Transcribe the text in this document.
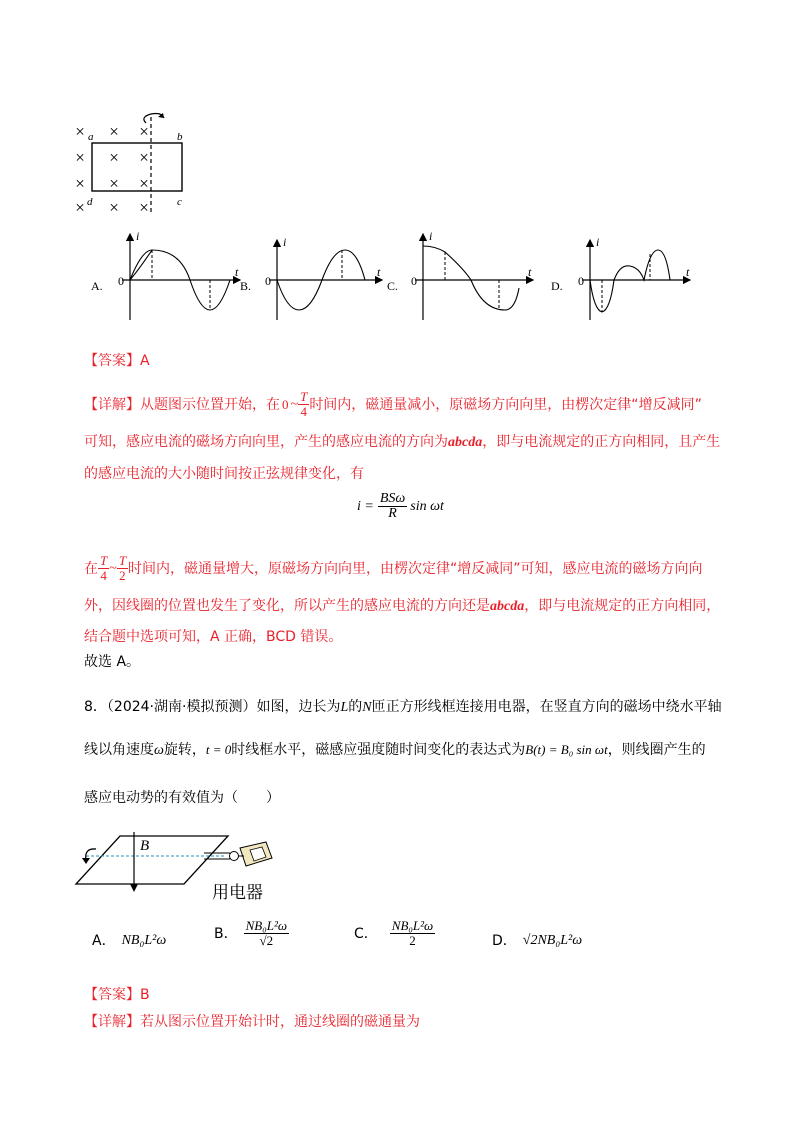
× × ×
× × ×
× × ×
× × ×
a	b
c
d
A.	B.	C.	D.
0	0	0	0
i
t
i
t
i
t
i
t
【答案】A
【详解】 从题图示位置开始，在 0 ~ $\frac{T}{4}$ 时间内，磁通量减小，原磁场方向向里，由楞次定律“增反减同”
可知，感应电流的磁场方向向里，产生的感应电流的方向为abcda，即与电流规定的正方向相同，且产生
的感应电流的大小随时间按正弦规律变化，有
$i = \frac{\text{BSω}}{R}$ sin ωt
在 $\frac{T}{4}$ ~ $\frac{T}{2}$ 时间内，磁通量增大，原磁场方向向里，由楞次定律“增反减同”可知，感应电流的磁场方向向
外，因线圈的位置也发生了变化，所以产生的感应电流的方向还是abcda，即与电流规定的正方向相同，
结合题中选项可知，A 正确，BCD 错误。
故选 A。
8．（2024·湖南·模拟预测）如图，边长为L的N匝正方形线框连接用电器，在竖直方向的磁场中绕水平轴
线以角速度ω旋转，t = 0时线框水平，磁感应强度随时间变化的表达式为B(t) = B₀ sin ωt，则线圈产生的
感应电动势的有效值为（　　）
B
用电器
A． NB₀L²ω	B． $\frac{\text{NB₀L²ω}}{√2}$	C． $\frac{\text{NB₀L²ω}}{2}$	D． √2NB₀L²ω
【答案】B
【详解】若从图示位置开始计时，通过线圈的磁通量为
